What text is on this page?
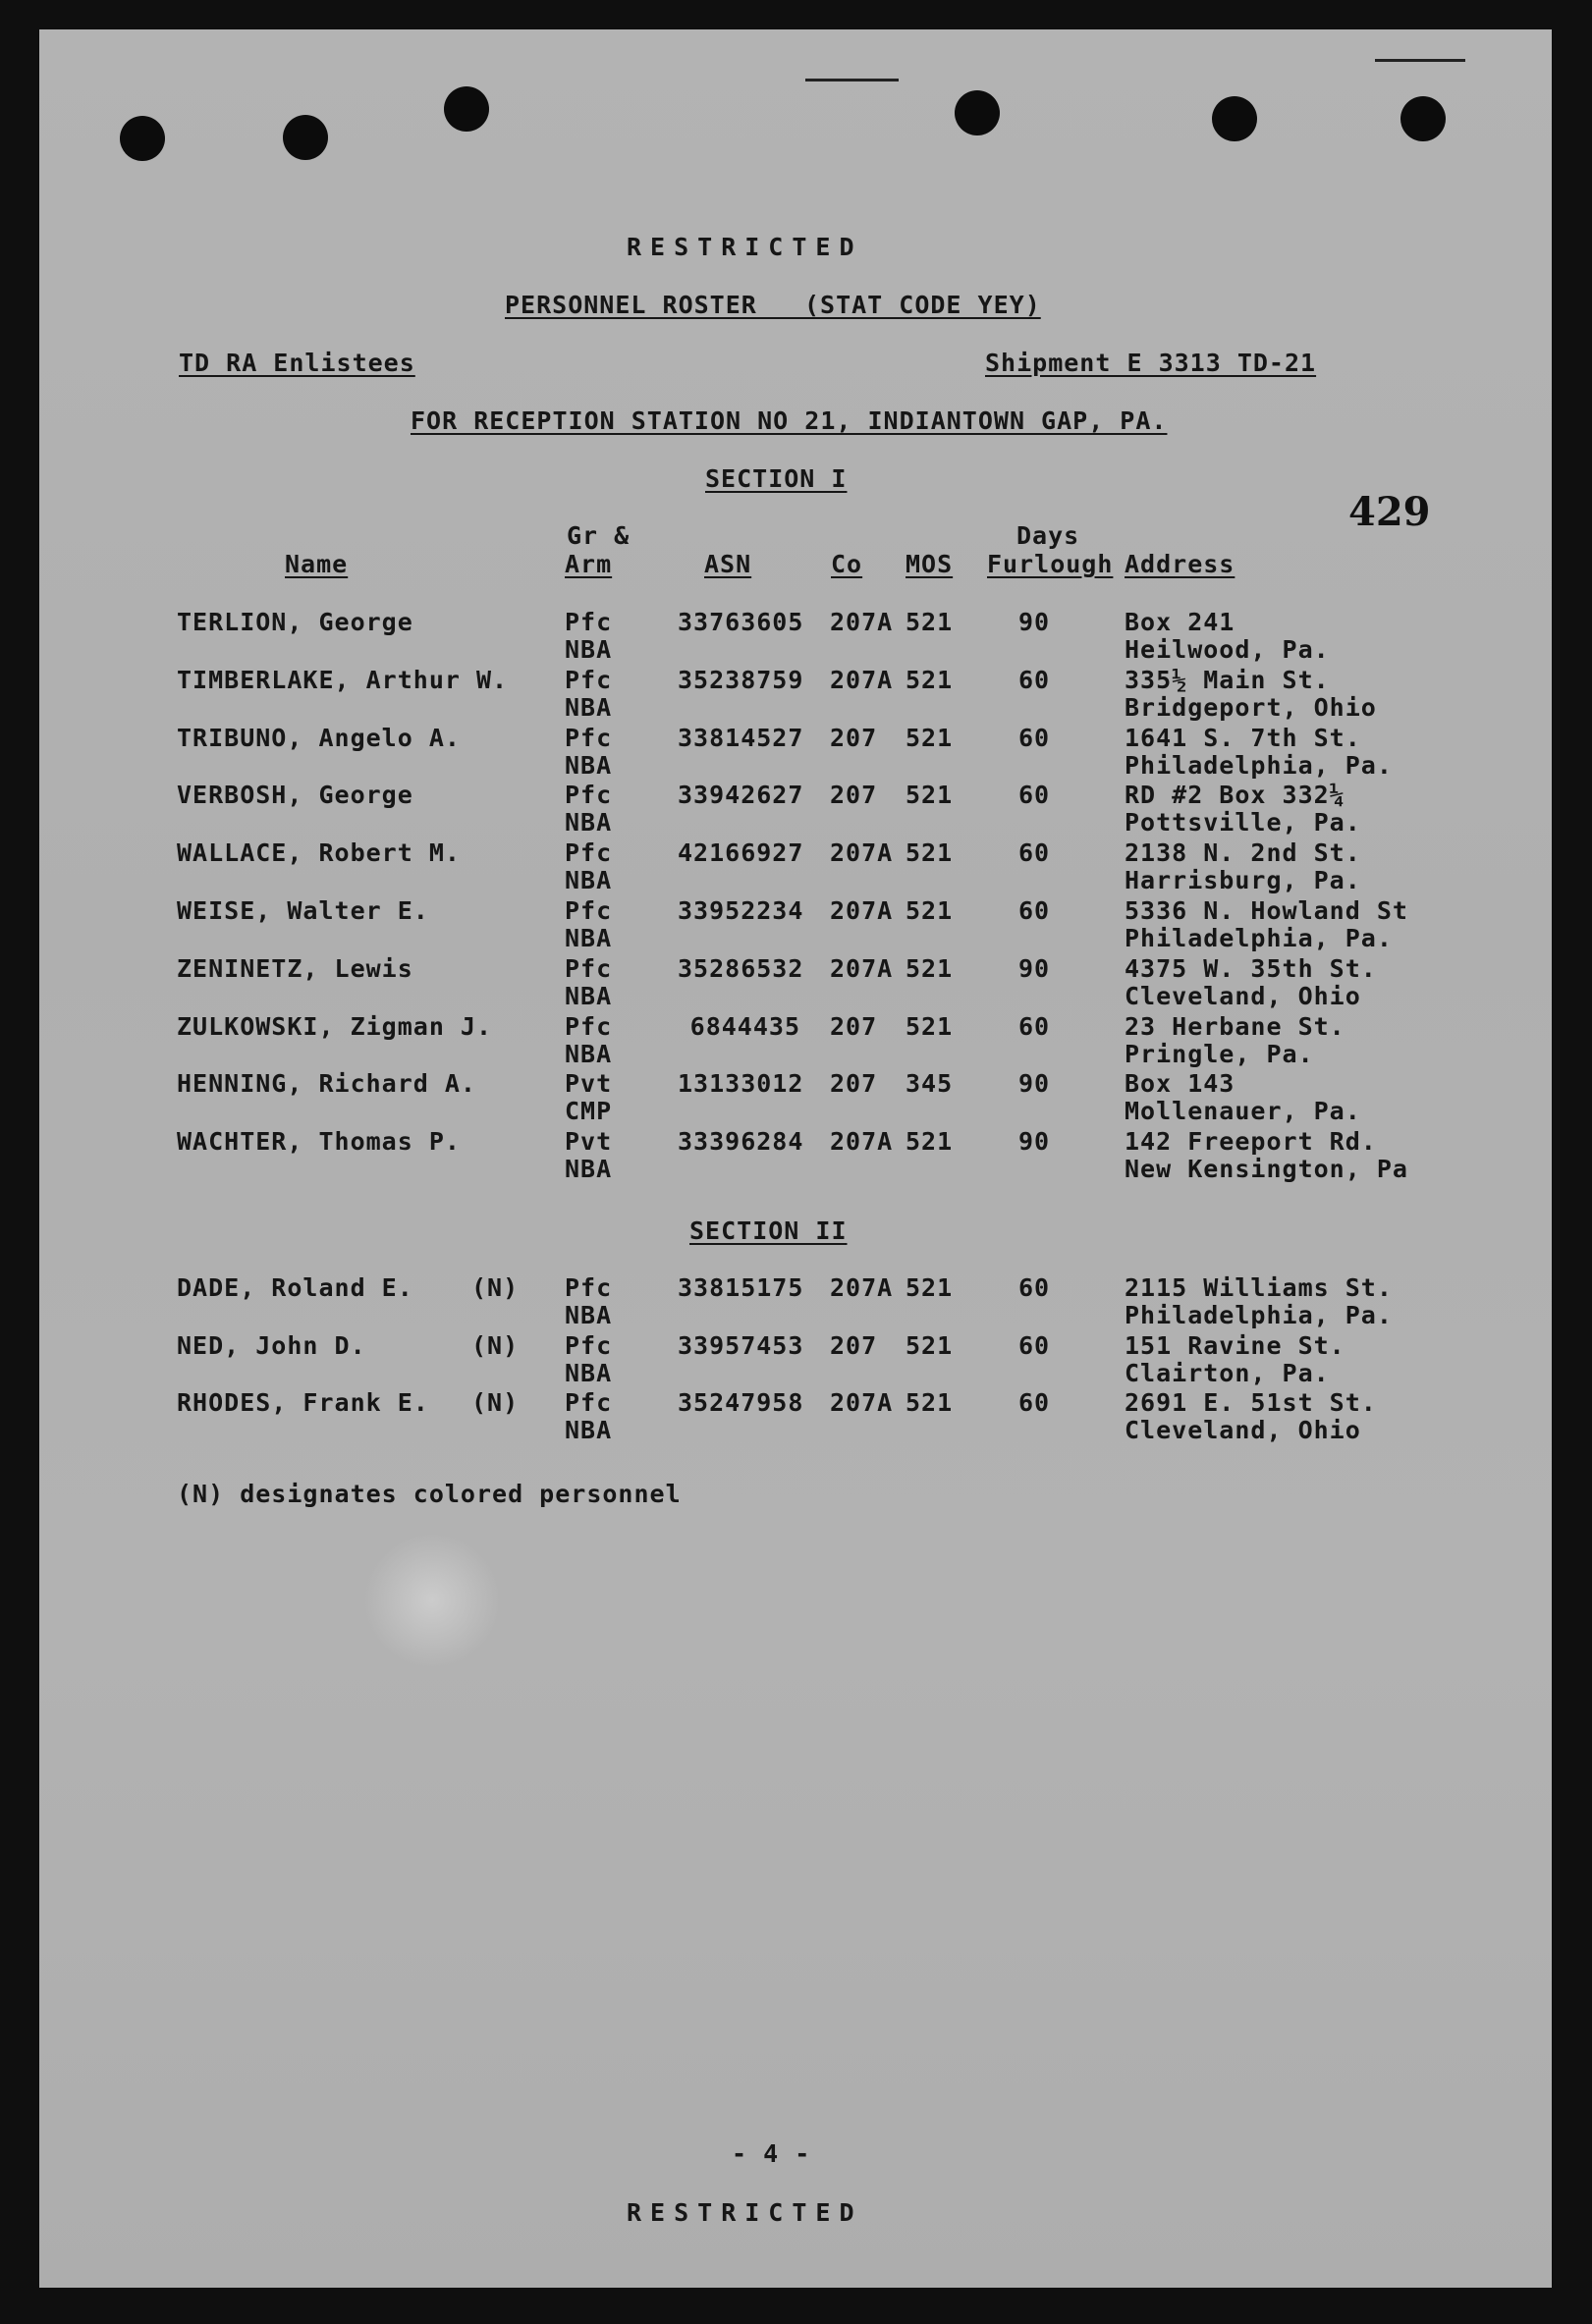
RESTRICTED
PERSONNEL ROSTER   (STAT CODE YEY)
TD RA Enlistees	Shipment E 3313 TD-21
FOR RECEPTION STATION NO 21, INDIANTOWN GAP, PA.
SECTION I
429
Gr &	Days
Name	Arm	ASN	Co MOS Furlough Address
TERLION, George	Pfc	33763605 207A 521	90	Box 241
NBA	Heilwood, Pa.
TIMBERLAKE, Arthur W. Pfc	35238759 207A 521	60	335½ Main St.
NBA	Bridgeport, Ohio
TRIBUNO, Angelo A.	Pfc	33814527 207 521	60	1641 S. 7th St.
NBA	Philadelphia, Pa.
VERBOSH, George	Pfc	33942627 207 521	60	RD #2 Box 332¼
NBA	Pottsville, Pa.
WALLACE, Robert M.	Pfc	42166927 207A 521	60	2138 N. 2nd St.
NBA	Harrisburg, Pa.
WEISE, Walter E.	Pfc	33952234 207A 521	60	5336 N. Howland St
NBA	Philadelphia, Pa.
ZENINETZ, Lewis	Pfc	35286532 207A 521	90	4375 W. 35th St.
NBA	Cleveland, Ohio
ZULKOWSKI, Zigman J.	Pfc	6844435 207 521	60	23 Herbane St.
NBA	Pringle, Pa.
HENNING, Richard A.	Pvt	13133012 207 345	90	Box 143
CMP	Mollenauer, Pa.
WACHTER, Thomas P.	Pvt	33396284 207A 521	90	142 Freeport Rd.
NBA	New Kensington, Pa
SECTION II
DADE, Roland E. (N) Pfc	33815175 207A 521	60	2115 Williams St.
NBA	Philadelphia, Pa.
NED, John D.	(N) Pfc	33957453 207 521	60	151 Ravine St.
NBA	Clairton, Pa.
RHODES, Frank E. (N) Pfc	35247958 207A 521	60	2691 E. 51st St.
NBA	Cleveland, Ohio
(N) designates colored personnel
- 4 -
RESTRICTED
